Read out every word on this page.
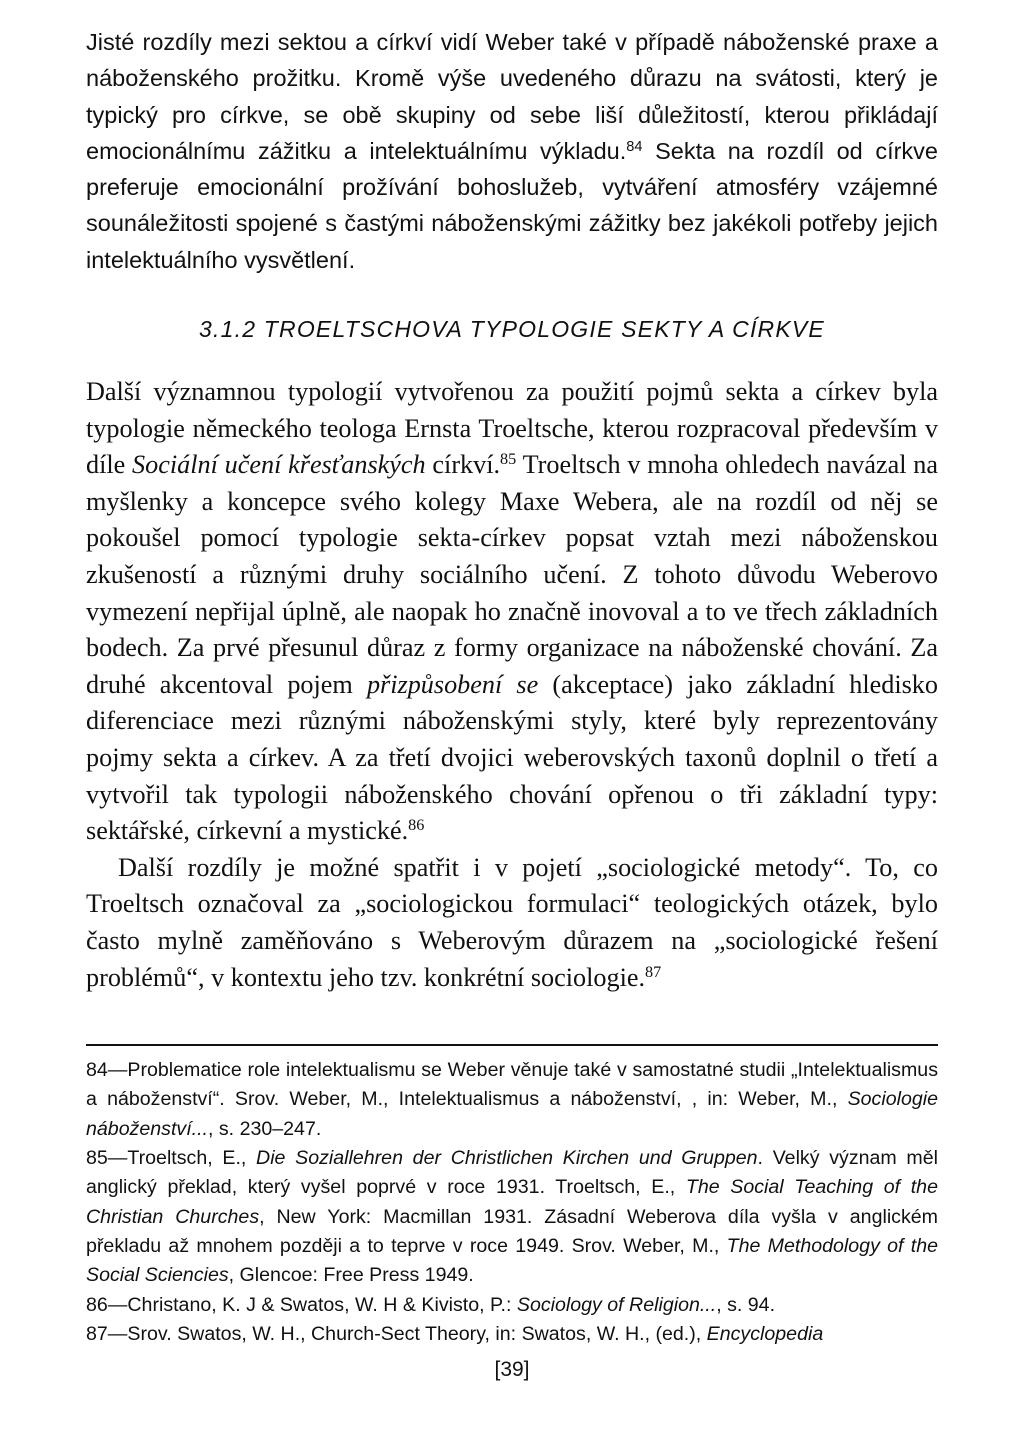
Jisté rozdíly mezi sektou a církví vidí Weber také v případě náboženské praxe a náboženského prožitku. Kromě výše uvedeného důrazu na svátosti, který je typický pro církve, se obě skupiny od sebe liší důležitostí, kterou přikládají emocionálnímu zážitku a intelektuálnímu výkladu.$^{84}$ Sekta na rozdíl od církve preferuje emocionální prožívání bohoslužeb, vytváření atmosféry vzájemné sounáležitosti spojené s častými náboženskými zážitky bez jakékoli potřeby jejich intelektuálního vysvětlení.

3.1.2 TROELTSCHOVA TYPOLOGIE SEKTY A CÍRKVE

Další významnou typologií vytvořenou za použití pojmů sekta a církev byla typologie německého teologa Ernsta Troeltsche, kterou rozpracoval především v díle Sociální učení křesťanských církví.$^{85}$ Troeltsch v mnoha ohledech navázal na myšlenky a koncepce svého kolegy Maxe Webera, ale na rozdíl od něj se pokoušel pomocí typologie sekta-církev popsat vztah mezi náboženskou zkušeností a různými druhy sociálního učení. Z tohoto důvodu Weberovo vymezení nepřijal úplně, ale naopak ho značně inovoval a to ve třech základních bodech. Za prvé přesunul důraz z formy organizace na náboženské chování. Za druhé akcentoval pojem přizpůsobení se (akceptace) jako základní hledisko diferenciace mezi různými náboženskými styly, které byly reprezentovány pojmy sekta a církev. A za třetí dvojici weberovských taxonů doplnil o třetí a vytvořil tak typologii náboženského chování opřenou o tři základní typy: sektářské, církevní a mystické.$^{86}$

Další rozdíly je možné spatřit i v pojetí „sociologické metody“. To, co Troeltsch označoval za „sociologickou formulaci“ teologických otázek, bylo často mylně zaměňováno s Weberovým důrazem na „sociologické řešení problémů“, v kontextu jeho tzv. konkrétní sociologie.$^{87}$

84—Problematice role intelektualismu se Weber věnuje také v samostatné studii „Intelektualismus a náboženství“. Srov. Weber, M., Intelektualismus a náboženství, , in: Weber, M., Sociologie náboženství..., s. 230–247.

85—Troeltsch, E., Die Soziallehren der Christlichen Kirchen und Gruppen. Velký význam měl anglický překlad, který vyšel poprvé v roce 1931. Troeltsch, E., The Social Teaching of the Christian Churches, New York: Macmillan 1931. Zásadní Weberova díla vyšla v anglickém překladu až mnohem později a to teprve v roce 1949. Srov. Weber, M., The Methodology of the Social Sciencies, Glencoe: Free Press 1949.

86—Christano, K. J & Swatos, W. H & Kivisto, P.: Sociology of Religion..., s. 94.

87—Srov. Swatos, W. H., Church-Sect Theory, in: Swatos, W. H., (ed.), Encyclopedia

[39]
